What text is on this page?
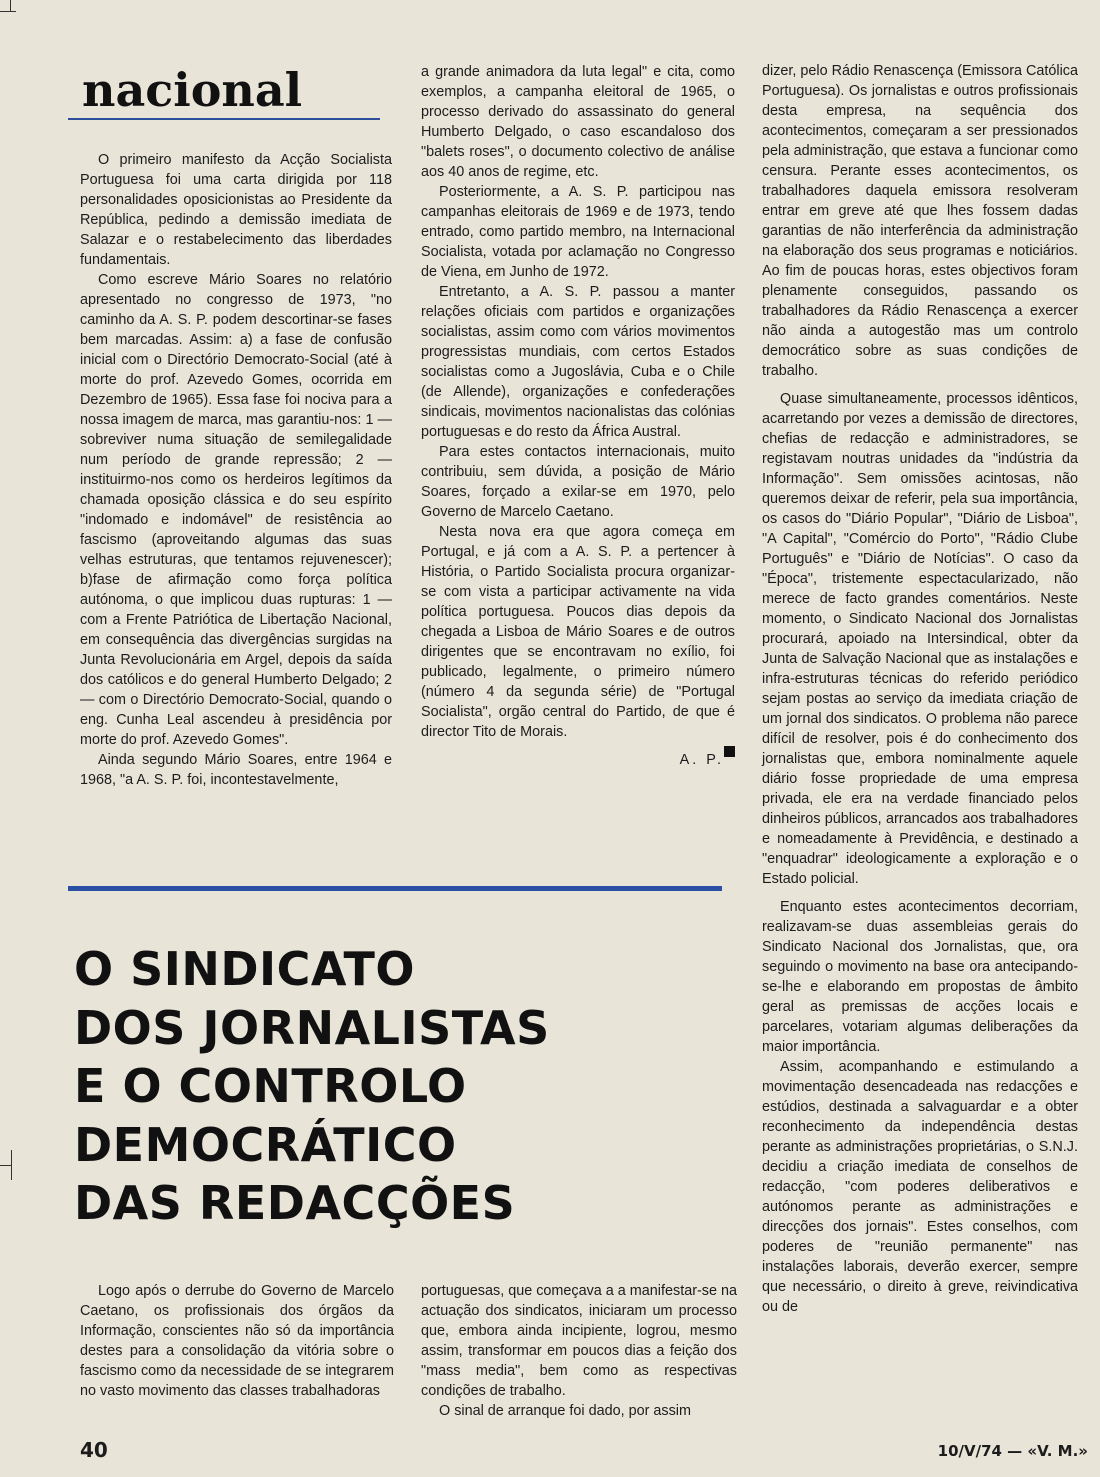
nacional

O primeiro manifesto da Acção Socialista Portuguesa foi uma carta dirigida por 118 personalidades oposicionistas ao Presidente da República, pedindo a demissão imediata de Salazar e o restabelecimento das liberdades fundamentais.

Como escreve Mário Soares no relatório apresentado no congresso de 1973, "no caminho da A. S. P. podem descortinar-se fases bem marcadas. Assim: a) a fase de confusão inicial com o Directório Democrato-Social (até à morte do prof. Azevedo Gomes, ocorrida em Dezembro de 1965). Essa fase foi nociva para a nossa imagem de marca, mas garantiu-nos: 1 — sobreviver numa situação de semilegalidade num período de grande repressão; 2 — instituirmo-nos como os herdeiros legítimos da chamada oposição clássica e do seu espírito "indomado e indomável" de resistência ao fascismo (aproveitando algumas das suas velhas estruturas, que tentamos rejuvenescer); b)fase de afirmação como força política autónoma, o que implicou duas rupturas: 1 — com a Frente Patriótica de Libertação Nacional, em consequência das divergências surgidas na Junta Revolucionária em Argel, depois da saída dos católicos e do general Humberto Delgado; 2 — com o Directório Democrato-Social, quando o eng. Cunha Leal ascendeu à presidência por morte do prof. Azevedo Gomes".

Ainda segundo Mário Soares, entre 1964 e 1968, "a A. S. P. foi, incontestavelmente,

a grande animadora da luta legal" e cita, como exemplos, a campanha eleitoral de 1965, o processo derivado do assassinato do general Humberto Delgado, o caso escandaloso dos "balets roses", o documento colectivo de análise aos 40 anos de regime, etc.

Posteriormente, a A. S. P. participou nas campanhas eleitorais de 1969 e de 1973, tendo entrado, como partido membro, na Internacional Socialista, votada por aclamação no Congresso de Viena, em Junho de 1972.

Entretanto, a A. S. P. passou a manter relações oficiais com partidos e organizações socialistas, assim como com vários movimentos progressistas mundiais, com certos Estados socialistas como a Jugoslávia, Cuba e o Chile (de Allende), organizações e confederações sindicais, movimentos nacionalistas das colónias portuguesas e do resto da África Austral.

Para estes contactos internacionais, muito contribuiu, sem dúvida, a posição de Mário Soares, forçado a exilar-se em 1970, pelo Governo de Marcelo Caetano.

Nesta nova era que agora começa em Portugal, e já com a A. S. P. a pertencer à História, o Partido Socialista procura organizar-se com vista a participar activamente na vida política portuguesa. Poucos dias depois da chegada a Lisboa de Mário Soares e de outros dirigentes que se encontravam no exílio, foi publicado, legalmente, o primeiro número (número 4 da segunda série) de "Portugal Socialista", orgão central do Partido, de que é director Tito de Morais.

A. P.
O SINDICATO
DOS JORNALISTAS
E O CONTROLO
DEMOCRÁTICO
DAS REDACÇÕES

Logo após o derrube do Governo de Marcelo Caetano, os profissionais dos órgãos da Informação, conscientes não só da importância destes para a consolidação da vitória sobre o fascismo como da necessidade de se integrarem no vasto movimento das classes trabalhadoras

portuguesas, que começava a a manifestar-se na actuação dos sindicatos, iniciaram um processo que, embora ainda incipiente, logrou, mesmo assim, transformar em poucos dias a feição dos "mass media", bem como as respectivas condições de trabalho.

O sinal de arranque foi dado, por assim

dizer, pelo Rádio Renascença (Emissora Católica Portuguesa). Os jornalistas e outros profissionais desta empresa, na sequência dos acontecimentos, começaram a ser pressionados pela administração, que estava a funcionar como censura. Perante esses acontecimentos, os trabalhadores daquela emissora resolveram entrar em greve até que lhes fossem dadas garantias de não interferência da administração na elaboração dos seus programas e noticiários. Ao fim de poucas horas, estes objectivos foram plenamente conseguidos, passando os trabalhadores da Rádio Renascença a exercer não ainda a autogestão mas um controlo democrático sobre as suas condições de trabalho.

Quase simultaneamente, processos idênticos, acarretando por vezes a demissão de directores, chefias de redacção e administradores, se registavam noutras unidades da "indústria da Informação". Sem omissões acintosas, não queremos deixar de referir, pela sua importância, os casos do "Diário Popular", "Diário de Lisboa", "A Capital", "Comércio do Porto", "Rádio Clube Português" e "Diário de Notícias". O caso da "Época", tristemente espectacularizado, não merece de facto grandes comentários. Neste momento, o Sindicato Nacional dos Jornalistas procurará, apoiado na Intersindical, obter da Junta de Salvação Nacional que as instalações e infra-estruturas técnicas do referido periódico sejam postas ao serviço da imediata criação de um jornal dos sindicatos. O problema não parece difícil de resolver, pois é do conhecimento dos jornalistas que, embora nominalmente aquele diário fosse propriedade de uma empresa privada, ele era na verdade financiado pelos dinheiros públicos, arrancados aos trabalhadores e nomeadamente à Previdência, e destinado a "enquadrar" ideologicamente a exploração e o Estado policial.

Enquanto estes acontecimentos decorriam, realizavam-se duas assembleias gerais do Sindicato Nacional dos Jornalistas, que, ora seguindo o movimento na base ora antecipando-se-lhe e elaborando em propostas de âmbito geral as premissas de acções locais e parcelares, votariam algumas deliberações da maior importância.

Assim, acompanhando e estimulando a movimentação desencadeada nas redacções e estúdios, destinada a salvaguardar e a obter reconhecimento da independência destas perante as administrações proprietárias, o S.N.J. decidiu a criação imediata de conselhos de redacção, "com poderes deliberativos e autónomos perante as administrações e direcções dos jornais". Estes conselhos, com poderes de "reunião permanente" nas instalações laborais, deverão exercer, sempre que necessário, o direito à greve, reivindicativa ou de

40	10/V/74 — «V. M.»
